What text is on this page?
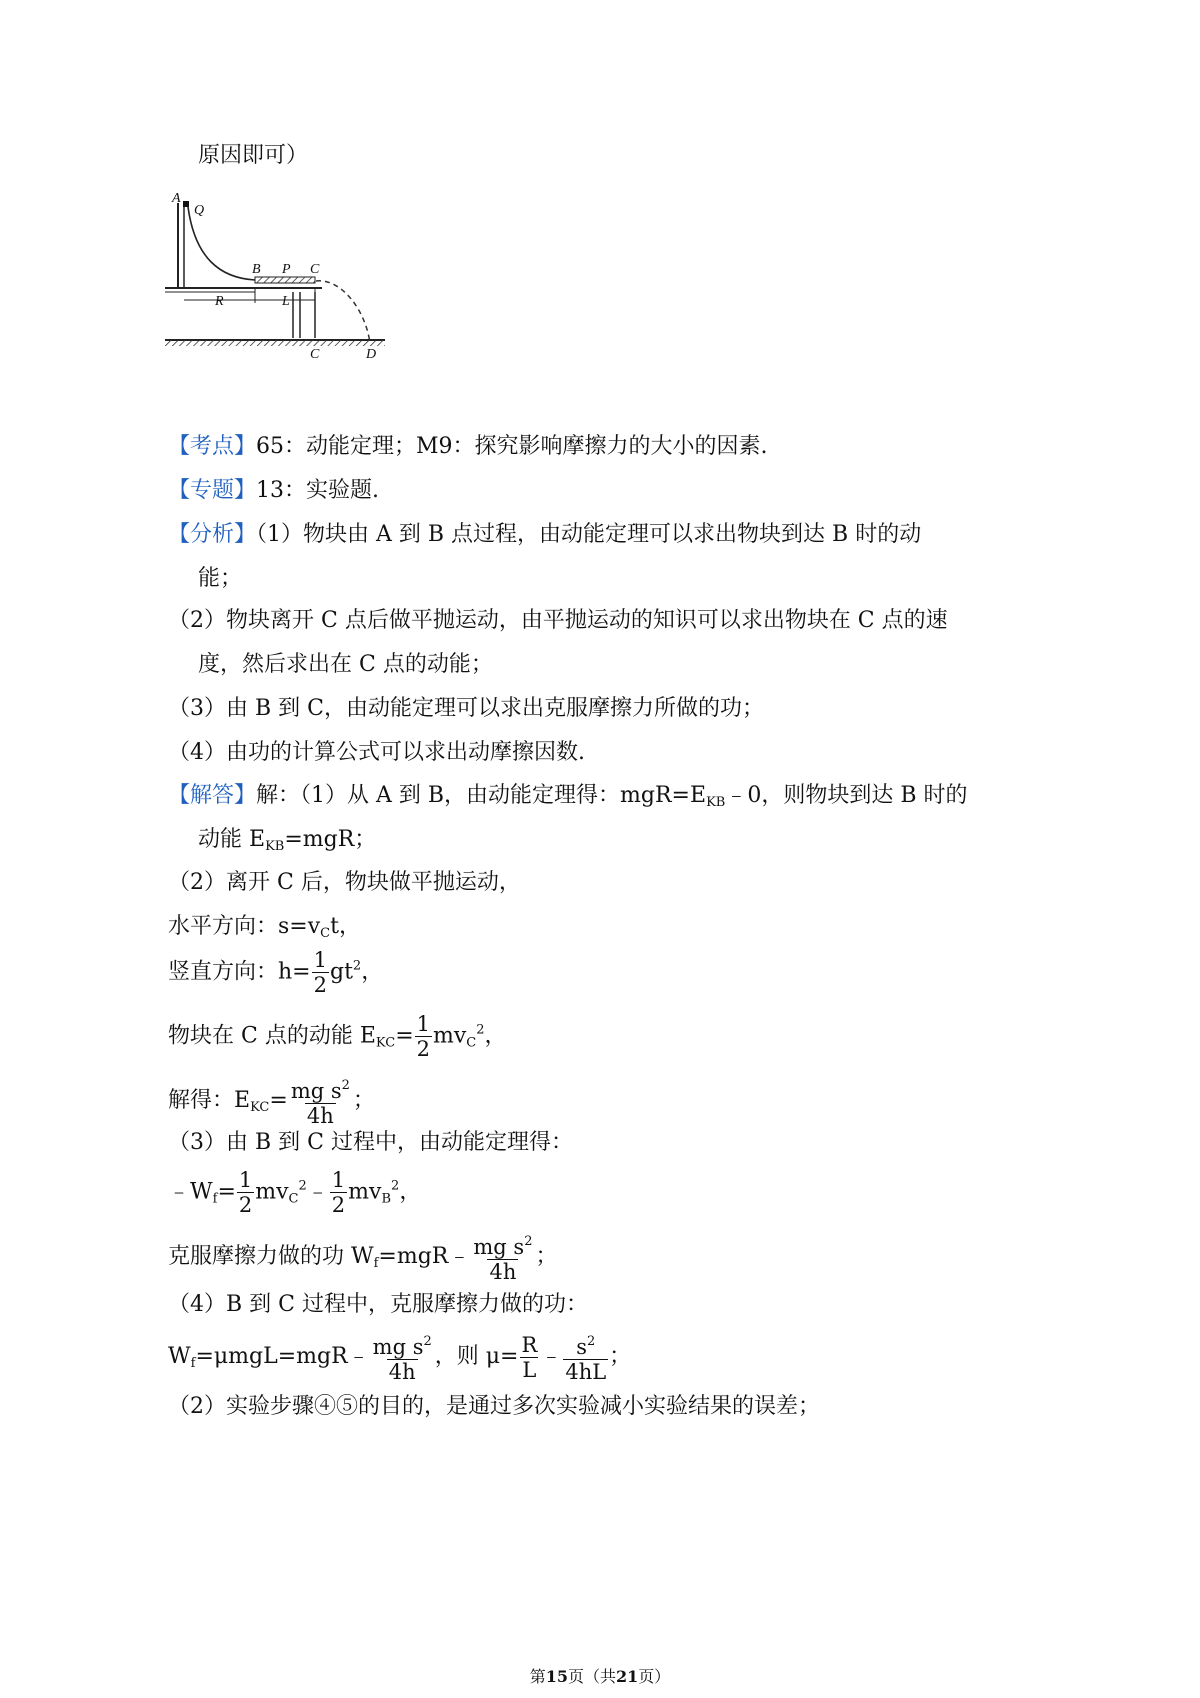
原因即可）
A
Q
B P C
R	L
C	D
【考点】65：动能定理；M9：探究影响摩擦力的大小的因素.
【专题】13：实验题.
【分析】（1）物块由 A 到 B 点过程，由动能定理可以求出物块到达 B 时的动
能；
（2）物块离开 C 点后做平抛运动，由平抛运动的知识可以求出物块在 C 点的速
度，然后求出在 C 点的动能；
（3）由 B 到 C，由动能定理可以求出克服摩擦力所做的功；
（4）由功的计算公式可以求出动摩擦因数.
【解答】解：（1）从 A 到 B，由动能定理得：$mgR=E_{KB}﹣0$，则物块到达 B 时的
动能 $E_{KB}=mgR$；
（2）离开 C 后，物块做平抛运动，
水平方向：$s=v_Ct$，
竖直方向：$h= \frac{1}{2} gt^2$，
物块在 C 点的动能 $E_{KC}= \frac{1}{2} mv_C^2$，
解得：$E_{KC}= \frac{mg s^2}{4h}$ ；
（3）由 B 到 C 过程中，由动能定理得：
$﹣W_f= \frac{1}{2}$ $mv_C^2﹣ \frac{1}{2} mv_B^2$，
克服摩擦力做的功 $W_f=mgR﹣ \frac{mg s^2}{4h}$ ；
（4）B 到 C 过程中，克服摩擦力做的功：
$W_f=\mu mgL=mgR﹣ \frac{mg s^2}{4h}$ ，则 $\mu= \frac{R}{L}$ ﹣ $\frac{s^2}{4hL}$ ；
（2）实验步骤④⑤的目的，是通过多次实验减小实验结果的误差；
第15页（共21页）
